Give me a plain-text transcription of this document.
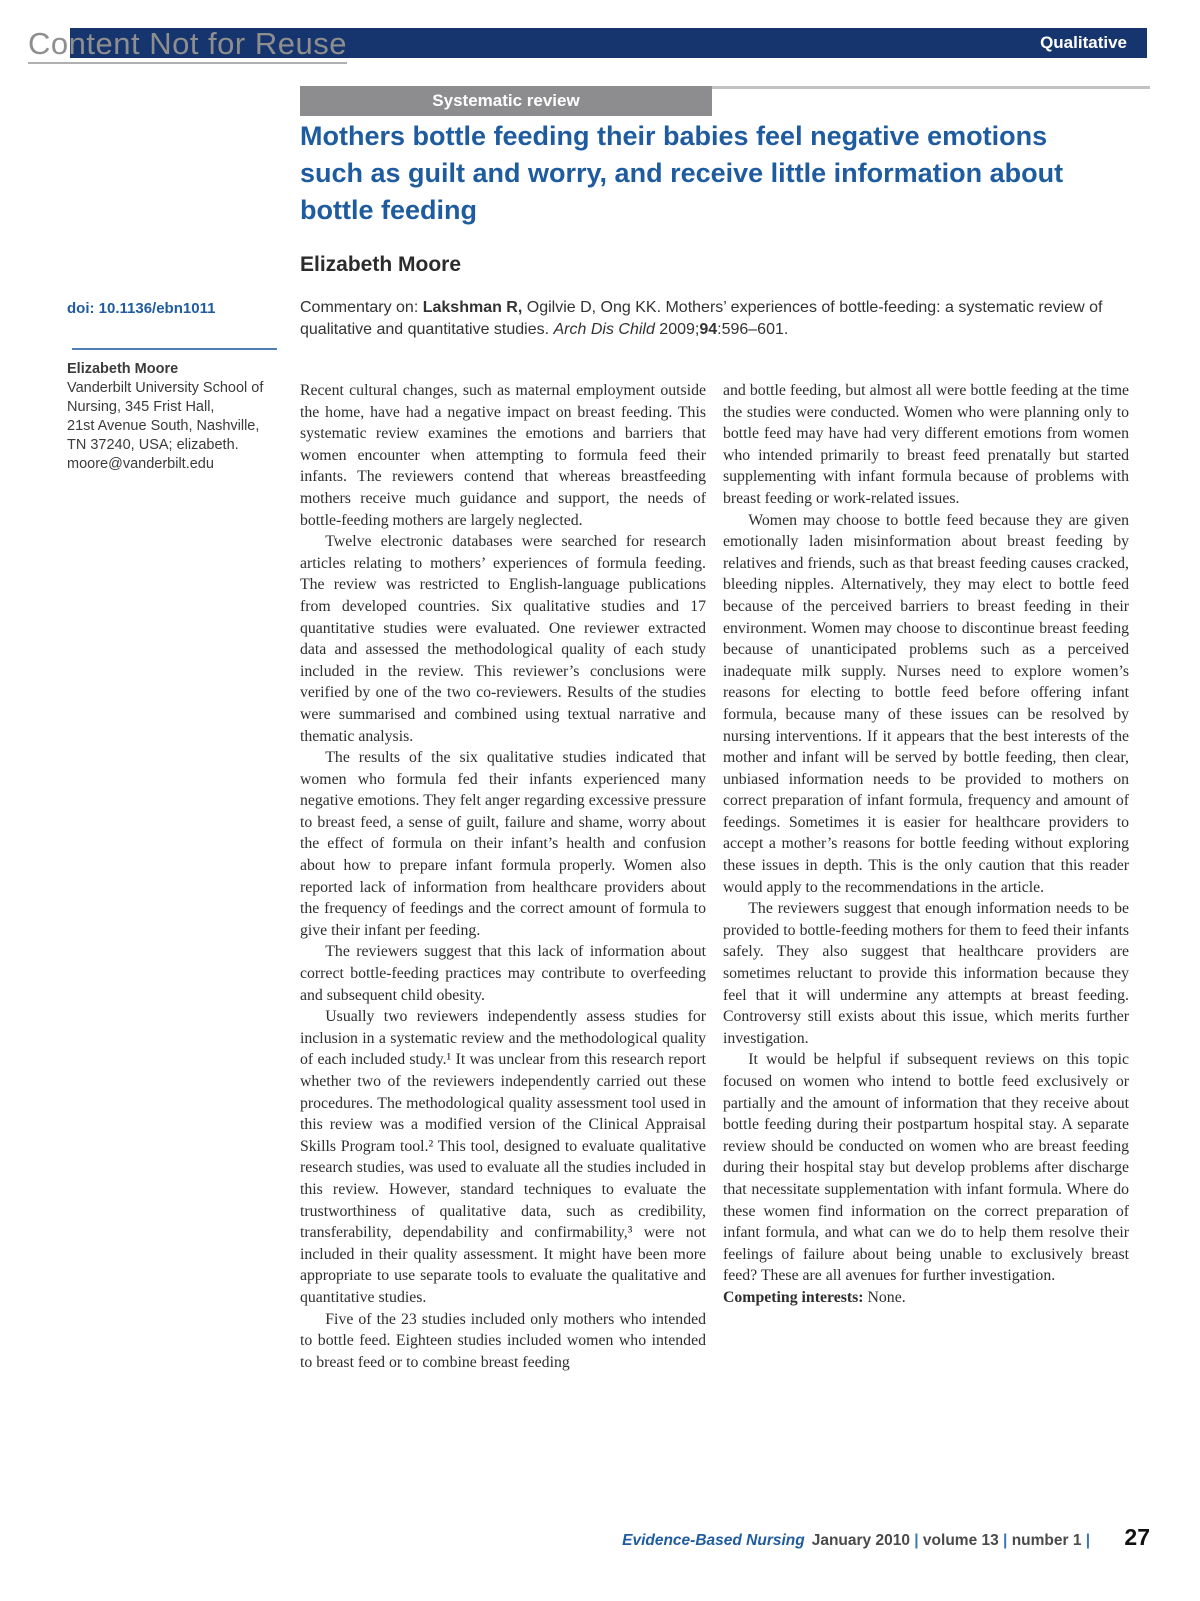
Qualitative
Content Not for Reuse
Systematic review
Mothers bottle feeding their babies feel negative emotions such as guilt and worry, and receive little information about bottle feeding
Elizabeth Moore

Commentary on: Lakshman R, Ogilvie D, Ong KK. Mothers’ experiences of bottle-feeding: a systematic review of qualitative and quantitative studies. Arch Dis Child 2009;94:596–601.

doi: 10.1136/ebn1011
Elizabeth Moore
Vanderbilt University School of
Nursing, 345 Frist Hall,
21st Avenue South, Nashville,
TN 37240, USA; elizabeth.
moore@vanderbilt.edu

Recent cultural changes, such as maternal employment outside the home, have had a negative impact on breast feeding. This systematic review examines the emotions and barriers that women encounter when attempting to formula feed their infants. The reviewers contend that whereas breastfeeding mothers receive much guidance and support, the needs of bottle-feeding mothers are largely neglected.

Twelve electronic databases were searched for research articles relating to mothers’ experiences of formula feeding. The review was restricted to English-language publications from developed countries. Six qualitative studies and 17 quantitative studies were evaluated. One reviewer extracted data and assessed the methodological quality of each study included in the review. This reviewer’s conclusions were verified by one of the two co-reviewers. Results of the studies were summarised and combined using textual narrative and thematic analysis.

The results of the six qualitative studies indicated that women who formula fed their infants experienced many negative emotions. They felt anger regarding excessive pressure to breast feed, a sense of guilt, failure and shame, worry about the effect of formula on their infant’s health and confusion about how to prepare infant formula properly. Women also reported lack of information from healthcare providers about the frequency of feedings and the correct amount of formula to give their infant per feeding.

The reviewers suggest that this lack of information about correct bottle-feeding practices may contribute to overfeeding and subsequent child obesity.

Usually two reviewers independently assess studies for inclusion in a systematic review and the methodological quality of each included study.¹ It was unclear from this research report whether two of the reviewers independently carried out these procedures. The methodological quality assessment tool used in this review was a modified version of the Clinical Appraisal Skills Program tool.² This tool, designed to evaluate qualitative research studies, was used to evaluate all the studies included in this review. However, standard techniques to evaluate the trustworthiness of qualitative data, such as credibility, transferability, dependability and confirmability,³ were not included in their quality assessment. It might have been more appropriate to use separate tools to evaluate the qualitative and quantitative studies.

Five of the 23 studies included only mothers who intended to bottle feed. Eighteen studies included women who intended to breast feed or to combine breast feeding

and bottle feeding, but almost all were bottle feeding at the time the studies were conducted. Women who were planning only to bottle feed may have had very different emotions from women who intended primarily to breast feed prenatally but started supplementing with infant formula because of problems with breast feeding or work-related issues.

Women may choose to bottle feed because they are given emotionally laden misinformation about breast feeding by relatives and friends, such as that breast feeding causes cracked, bleeding nipples. Alternatively, they may elect to bottle feed because of the perceived barriers to breast feeding in their environment. Women may choose to discontinue breast feeding because of unanticipated problems such as a perceived inadequate milk supply. Nurses need to explore women’s reasons for electing to bottle feed before offering infant formula, because many of these issues can be resolved by nursing interventions. If it appears that the best interests of the mother and infant will be served by bottle feeding, then clear, unbiased information needs to be provided to mothers on correct preparation of infant formula, frequency and amount of feedings. Sometimes it is easier for healthcare providers to accept a mother’s reasons for bottle feeding without exploring these issues in depth. This is the only caution that this reader would apply to the recommendations in the article.

The reviewers suggest that enough information needs to be provided to bottle-feeding mothers for them to feed their infants safely. They also suggest that healthcare providers are sometimes reluctant to provide this information because they feel that it will undermine any attempts at breast feeding. Controversy still exists about this issue, which merits further investigation.

It would be helpful if subsequent reviews on this topic focused on women who intend to bottle feed exclusively or partially and the amount of information that they receive about bottle feeding during their postpartum hospital stay. A separate review should be conducted on women who are breast feeding during their hospital stay but develop problems after discharge that necessitate supplementation with infant formula. Where do these women find information on the correct preparation of infant formula, and what can we do to help them resolve their feelings of failure about being unable to exclusively breast feed? These are all avenues for further investigation.

Competing interests: None.

Evidence-Based Nursing January 2010 | volume 13 | number 1 | 27
